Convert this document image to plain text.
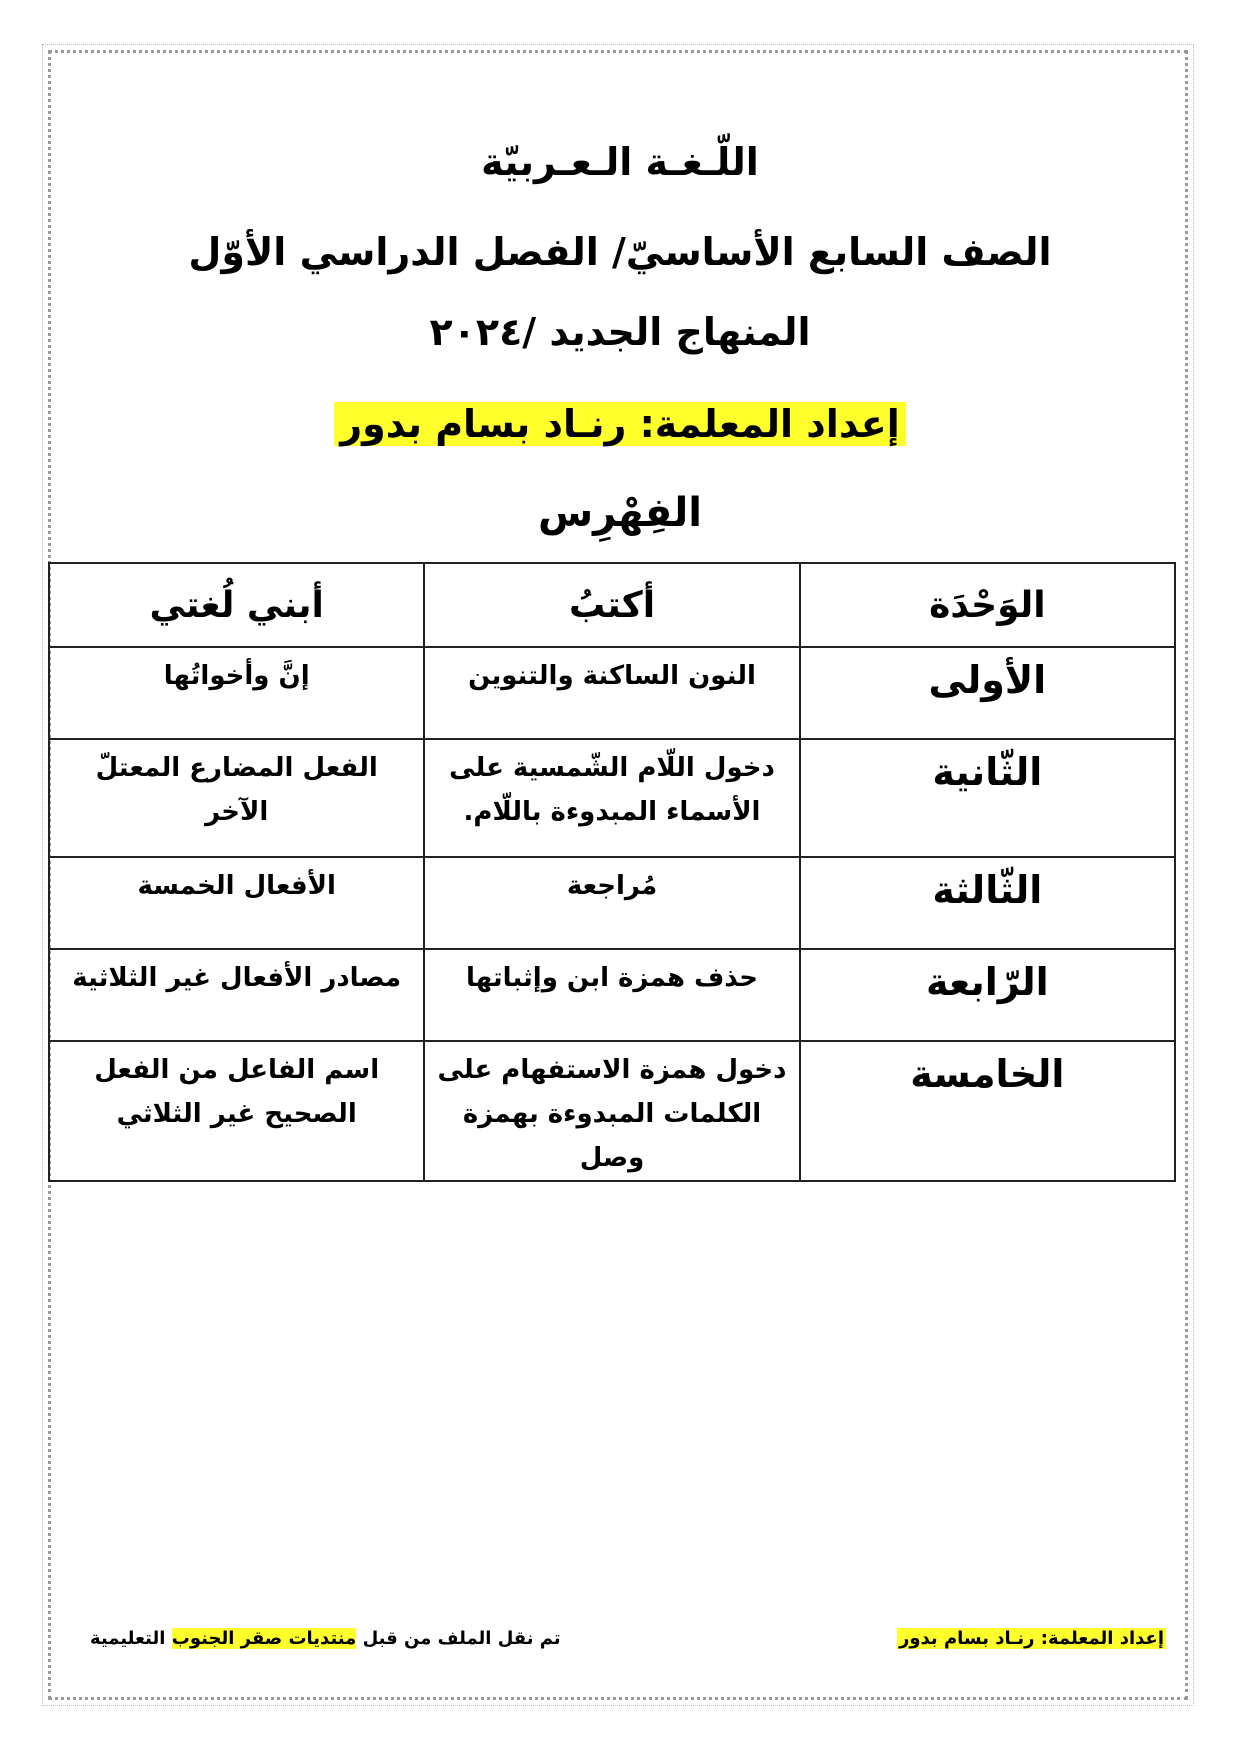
اللّـغـة الـعـربيّة
الصف السابع الأساسيّ/ الفصل الدراسي الأوّل
المنهاج الجديد /٢٠٢٤
إعداد المعلمة: رنـاد بسام بدور
الفِهْرِس
الوَحْدَة	أكتبُ	أبني لُغتي
الأولى	النون الساكنة والتنوين	إنَّ وأخواتُها
الثّانية	دخول اللّام الشّمسية على الأسماء المبدوءة باللّام.	الفعل المضارع المعتلّ الآخر
الثّالثة	مُراجعة	الأفعال الخمسة
الرّابعة	حذف همزة ابن وإثباتها	مصادر الأفعال غير الثلاثية
الخامسة	دخول همزة الاستفهام على الكلمات المبدوءة بهمزة وصل	اسم الفاعل من الفعل الصحيح غير الثلاثي
إعداد المعلمة: رنـاد بسام بدور
تم نقل الملف من قبل منتديات صقر الجنوب التعليمية
